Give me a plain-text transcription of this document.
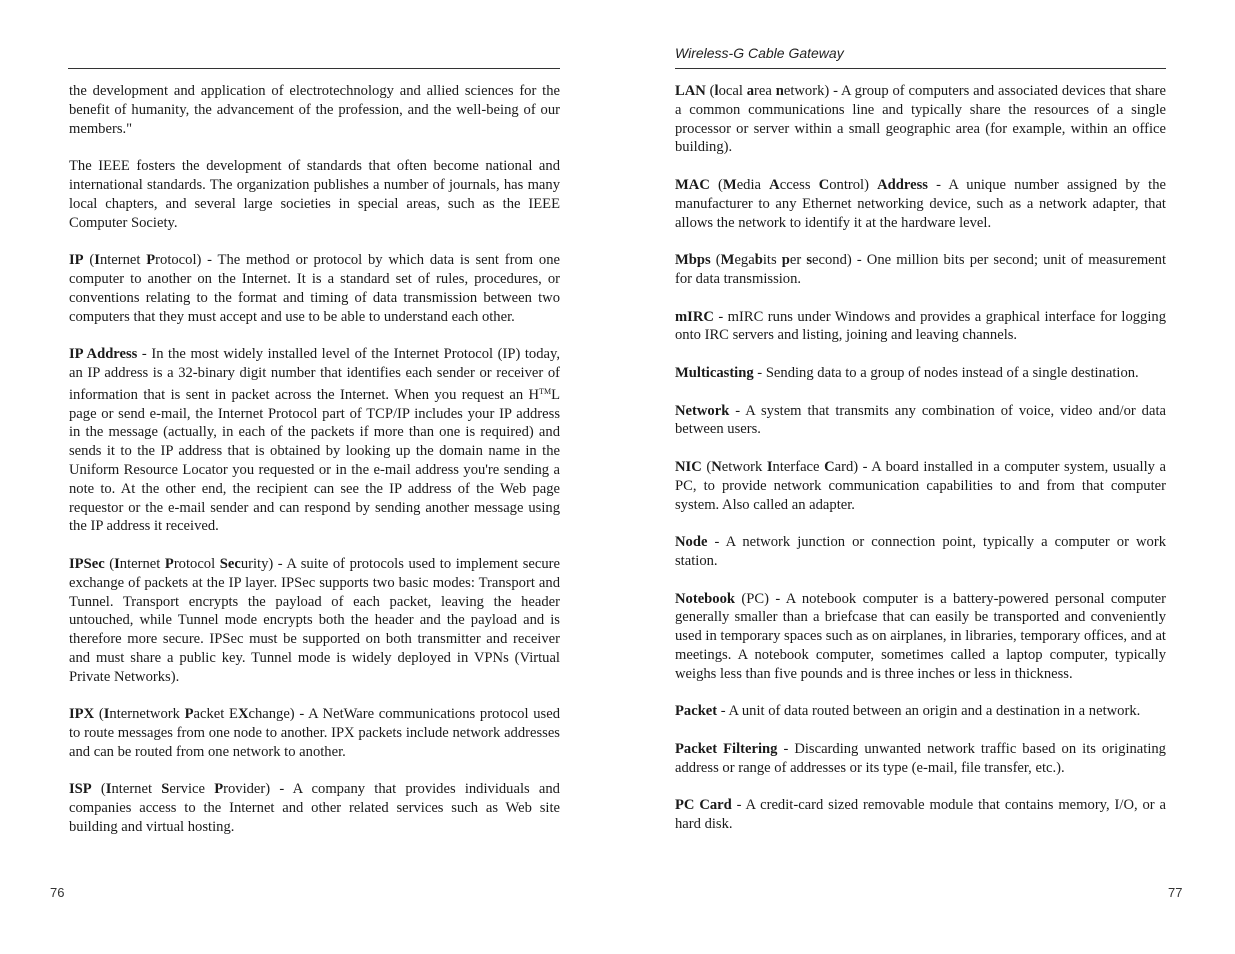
the development and application of electrotechnology and allied sciences for the benefit of humanity, the advancement of the profession, and the well-being of our members."

The IEEE fosters the development of standards that often become national and international standards. The organization publishes a number of journals, has many local chapters, and several large societies in special areas, such as the IEEE Computer Society.

IP (Internet Protocol) - The method or protocol by which data is sent from one computer to another on the Internet. It is a standard set of rules, procedures, or conventions relating to the format and timing of data transmission between two computers that they must accept and use to be able to understand each other.

IP Address - In the most widely installed level of the Internet Protocol (IP) today, an IP address is a 32-binary digit number that identifies each sender or receiver of information that is sent in packet across the Internet. When you request an H™L page or send e-mail, the Internet Protocol part of TCP/IP includes your IP address in the message (actually, in each of the packets if more than one is required) and sends it to the IP address that is obtained by looking up the domain name in the Uniform Resource Locator you requested or in the e-mail address you're sending a note to. At the other end, the recipient can see the IP address of the Web page requestor or the e-mail sender and can respond by sending another message using the IP address it received.

IPSec (Internet Protocol Security) - A suite of protocols used to implement secure exchange of packets at the IP layer. IPSec supports two basic modes: Transport and Tunnel. Transport encrypts the payload of each packet, leaving the header untouched, while Tunnel mode encrypts both the header and the payload and is therefore more secure. IPSec must be supported on both transmitter and receiver and must share a public key. Tunnel mode is widely deployed in VPNs (Virtual Private Networks).

IPX (Internetwork Packet EXchange) - A NetWare communications protocol used to route messages from one node to another. IPX packets include network addresses and can be routed from one network to another.

ISP (Internet Service Provider) - A company that provides individuals and companies access to the Internet and other related services such as Web site building and virtual hosting.

76
Wireless-G Cable Gateway

LAN (local area network) - A group of computers and associated devices that share a common communications line and typically share the resources of a single processor or server within a small geographic area (for example, within an office building).

MAC (Media Access Control) Address - A unique number assigned by the manufacturer to any Ethernet networking device, such as a network adapter, that allows the network to identify it at the hardware level.

Mbps (Megabits per second) - One million bits per second; unit of measurement for data transmission.

mIRC - mIRC runs under Windows and provides a graphical interface for logging onto IRC servers and listing, joining and leaving channels.

Multicasting - Sending data to a group of nodes instead of a single destination.

Network - A system that transmits any combination of voice, video and/or data between users.

NIC (Network Interface Card) - A board installed in a computer system, usually a PC, to provide network communication capabilities to and from that computer system. Also called an adapter.

Node - A network junction or connection point, typically a computer or work station.

Notebook (PC) - A notebook computer is a battery-powered personal computer generally smaller than a briefcase that can easily be transported and conveniently used in temporary spaces such as on airplanes, in libraries, temporary offices, and at meetings. A notebook computer, sometimes called a laptop computer, typically weighs less than five pounds and is three inches or less in thickness.

Packet - A unit of data routed between an origin and a destination in a network.

Packet Filtering - Discarding unwanted network traffic based on its originating address or range of addresses or its type (e-mail, file transfer, etc.).

PC Card - A credit-card sized removable module that contains memory, I/O, or a hard disk.

77
